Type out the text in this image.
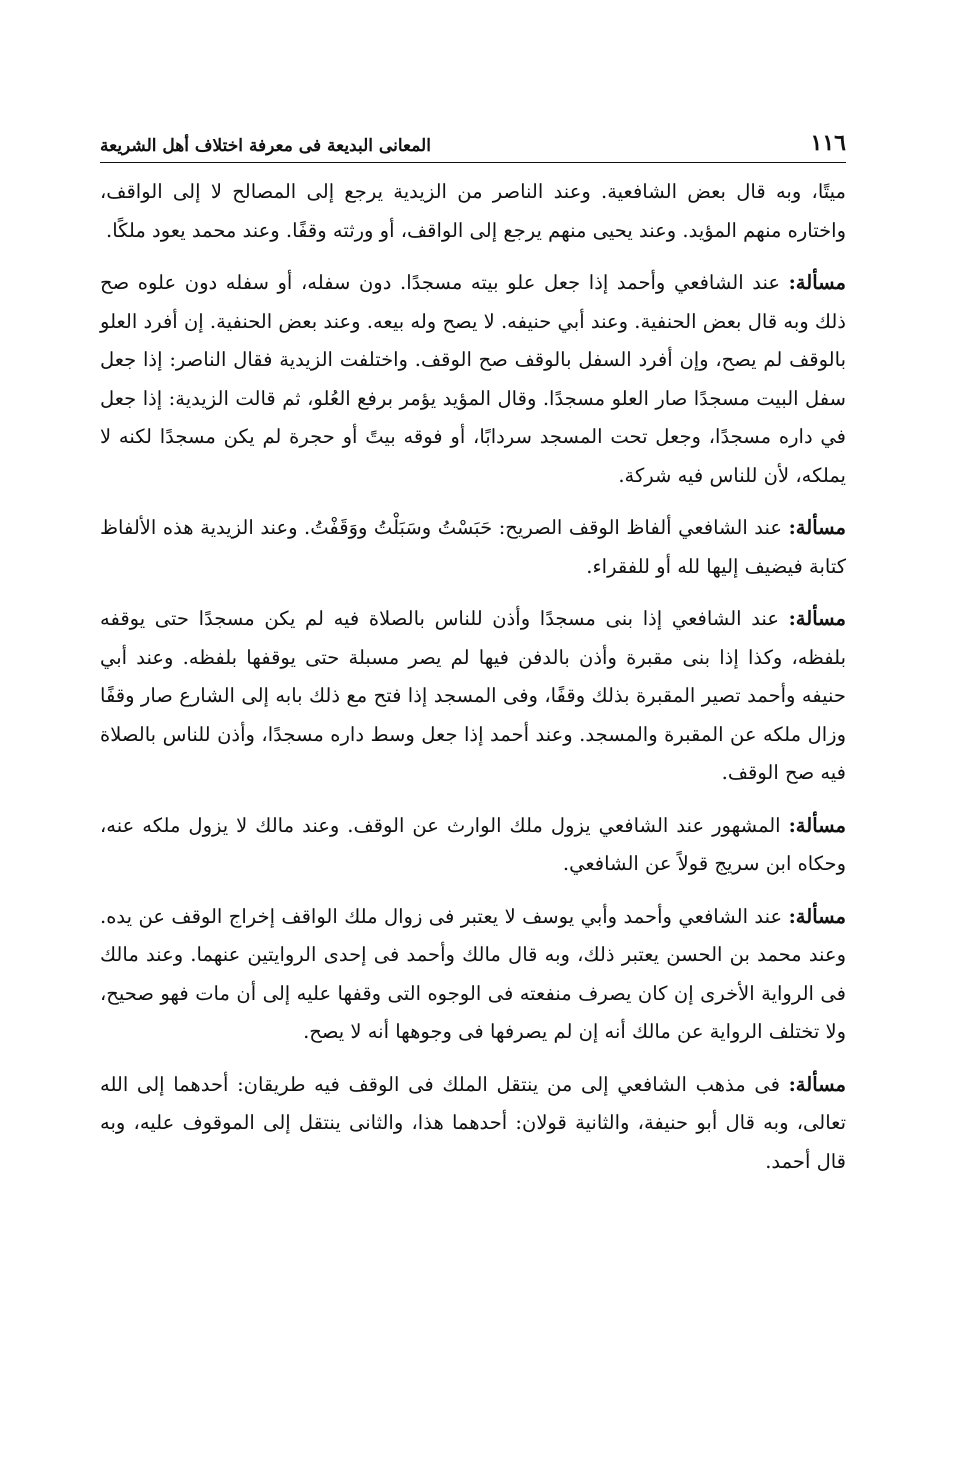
١١٦
المعانى البديعة فى معرفة اختلاف أهل الشريعة

ميتًا، وبه قال بعض الشافعية. وعند الناصر من الزيدية يرجع إلى المصالح لا إلى الواقف، واختاره منهم المؤيد. وعند يحيى منهم يرجع إلى الواقف، أو ورثته وقفًا. وعند محمد يعود ملكًا.

مسألة: عند الشافعي وأحمد إذا جعل علو بيته مسجدًا. دون سفله، أو سفله دون علوه صح ذلك وبه قال بعض الحنفية. وعند أبي حنيفه. لا يصح وله بيعه. وعند بعض الحنفية. إن أفرد العلو بالوقف لم يصح، وإن أفرد السفل بالوقف صح الوقف. واختلفت الزيدية فقال الناصر: إذا جعل سفل البيت مسجدًا صار العلو مسجدًا. وقال المؤيد يؤمر برفع العُلو، ثم قالت الزيدية: إذا جعل في داره مسجدًا، وجعل تحت المسجد سردابًا، أو فوقه بيتً أو حجرة لم يكن مسجدًا لكنه لا يملكه، لأن للناس فيه شركة.

مسألة: عند الشافعي ألفاظ الوقف الصريح: حَبَسْتُ وسَبَلْتُ ووَقَفْتُ. وعند الزيدية هذه الألفاظ كتابة فيضيف إليها لله أو للفقراء.

مسألة: عند الشافعي إذا بنى مسجدًا وأذن للناس بالصلاة فيه لم يكن مسجدًا حتى يوقفه بلفظه، وكذا إذا بنى مقبرة وأذن بالدفن فيها لم يصر مسبلة حتى يوقفها بلفظه. وعند أبي حنيفه وأحمد تصير المقبرة بذلك وقفًا، وفى المسجد إذا فتح مع ذلك بابه إلى الشارع صار وقفًا وزال ملكه عن المقبرة والمسجد. وعند أحمد إذا جعل وسط داره مسجدًا، وأذن للناس بالصلاة فيه صح الوقف.

مسألة: المشهور عند الشافعي يزول ملك الوارث عن الوقف. وعند مالك لا يزول ملكه عنه، وحكاه ابن سريج قولاً عن الشافعي.

مسألة: عند الشافعي وأحمد وأبي يوسف لا يعتبر فى زوال ملك الواقف إخراج الوقف عن يده. وعند محمد بن الحسن يعتبر ذلك، وبه قال مالك وأحمد فى إحدى الروايتين عنهما. وعند مالك فى الرواية الأخرى إن كان يصرف منفعته فى الوجوه التى وقفها عليه إلى أن مات فهو صحيح، ولا تختلف الرواية عن مالك أنه إن لم يصرفها فى وجوهها أنه لا يصح.

مسألة: فى مذهب الشافعي إلى من ينتقل الملك فى الوقف فيه طريقان: أحدهما إلى الله تعالى، وبه قال أبو حنيفة، والثانية قولان: أحدهما هذا، والثانى ينتقل إلى الموقوف عليه، وبه قال أحمد.
